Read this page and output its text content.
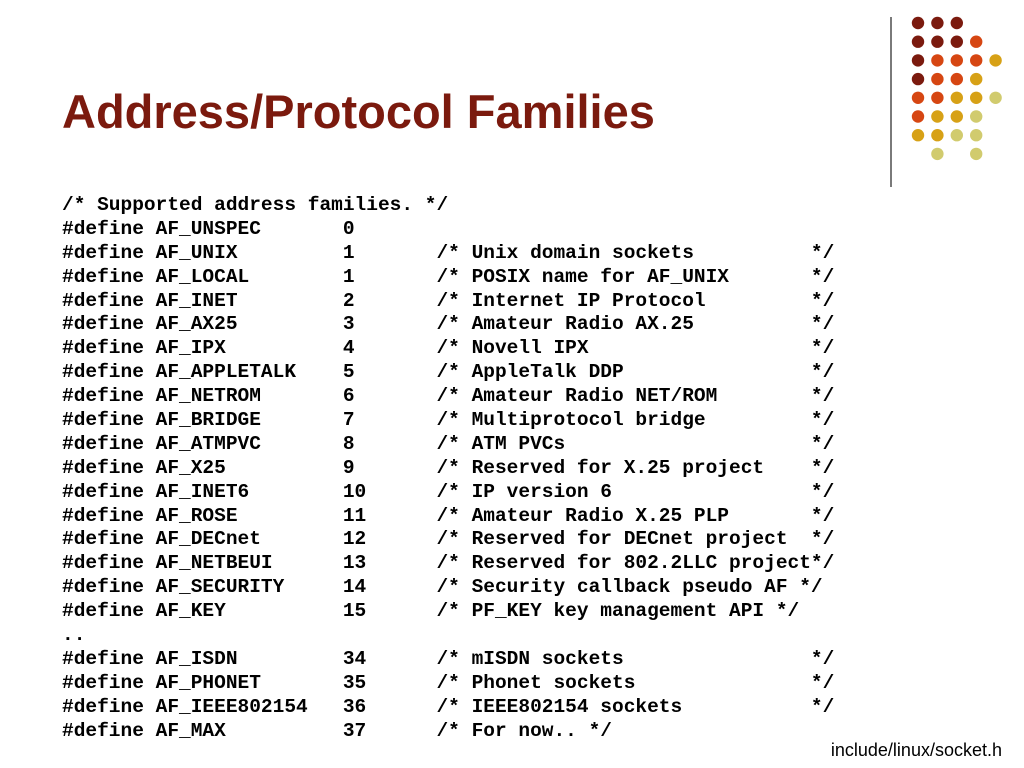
Address/Protocol Families
/* Supported address families. */
#define AF_UNSPEC       0
#define AF_UNIX         1       /* Unix domain sockets          */
#define AF_LOCAL        1       /* POSIX name for AF_UNIX       */
#define AF_INET         2       /* Internet IP Protocol         */
#define AF_AX25         3       /* Amateur Radio AX.25          */
#define AF_IPX          4       /* Novell IPX                   */
#define AF_APPLETALK    5       /* AppleTalk DDP                */
#define AF_NETROM       6       /* Amateur Radio NET/ROM        */
#define AF_BRIDGE       7       /* Multiprotocol bridge         */
#define AF_ATMPVC       8       /* ATM PVCs                     */
#define AF_X25          9       /* Reserved for X.25 project    */
#define AF_INET6        10      /* IP version 6                 */
#define AF_ROSE         11      /* Amateur Radio X.25 PLP       */
#define AF_DECnet       12      /* Reserved for DECnet project  */
#define AF_NETBEUI      13      /* Reserved for 802.2LLC project*/
#define AF_SECURITY     14      /* Security callback pseudo AF */
#define AF_KEY          15      /* PF_KEY key management API */
..
#define AF_ISDN         34      /* mISDN sockets                */
#define AF_PHONET       35      /* Phonet sockets               */
#define AF_IEEE802154   36      /* IEEE802154 sockets           */
#define AF_MAX          37      /* For now.. */
include/linux/socket.h
